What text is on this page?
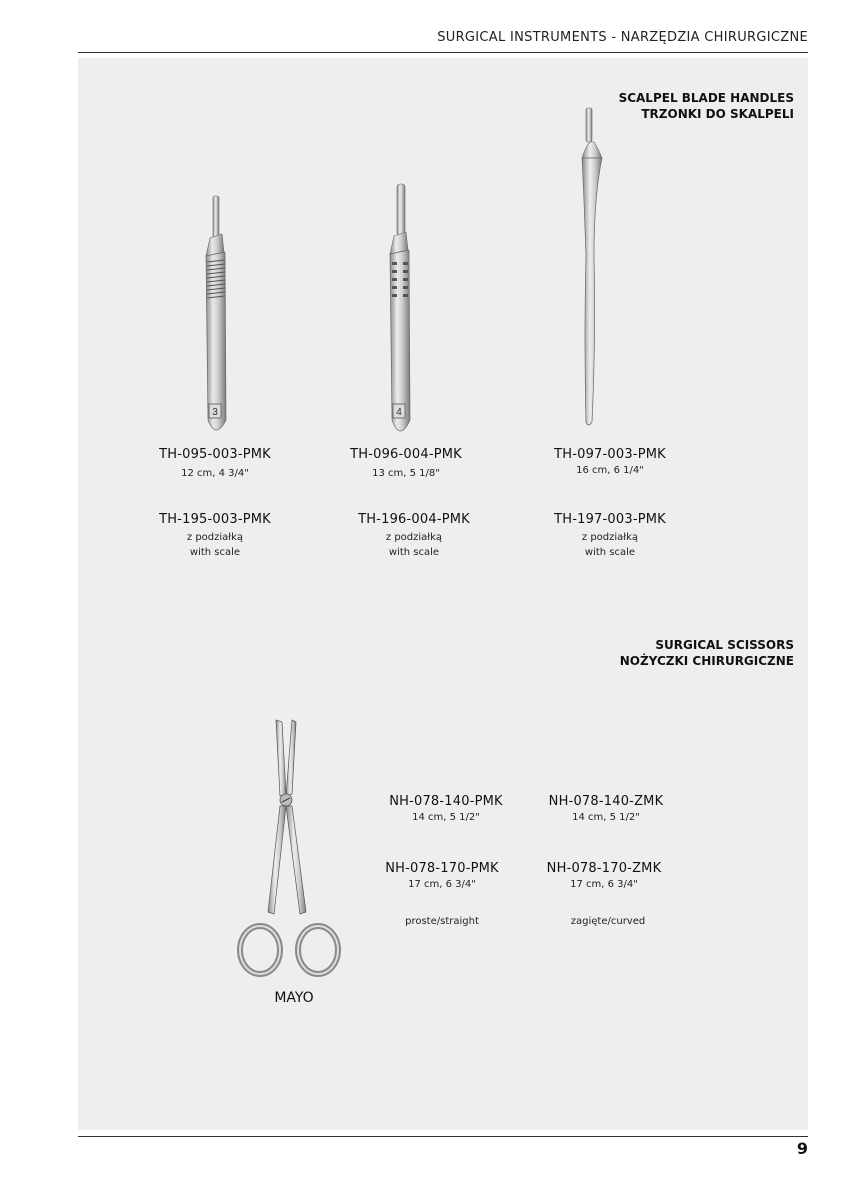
SURGICAL INSTRUMENTS - NARZĘDZIA CHIRURGICZNE
SCALPEL BLADE HANDLES
TRZONKI DO SKALPELI
SURGICAL SCISSORS
NOŻYCZKI CHIRURGICZNE
3	4
TH-095-003-PMK
12 cm, 4 3/4"
TH-195-003-PMK
z podziałką
with scale
TH-096-004-PMK
13 cm, 5 1/8"
TH-196-004-PMK
z podziałką
with scale
TH-097-003-PMK
16 cm, 6 1/4"
TH-197-003-PMK
z podziałką
with scale
NH-078-140-PMK
14 cm, 5 1/2"
NH-078-170-PMK
17 cm, 6 3/4"
proste/straight
NH-078-140-ZMK
14 cm, 5 1/2"
NH-078-170-ZMK
17 cm, 6 3/4"
zagięte/curved
MAYO
9
